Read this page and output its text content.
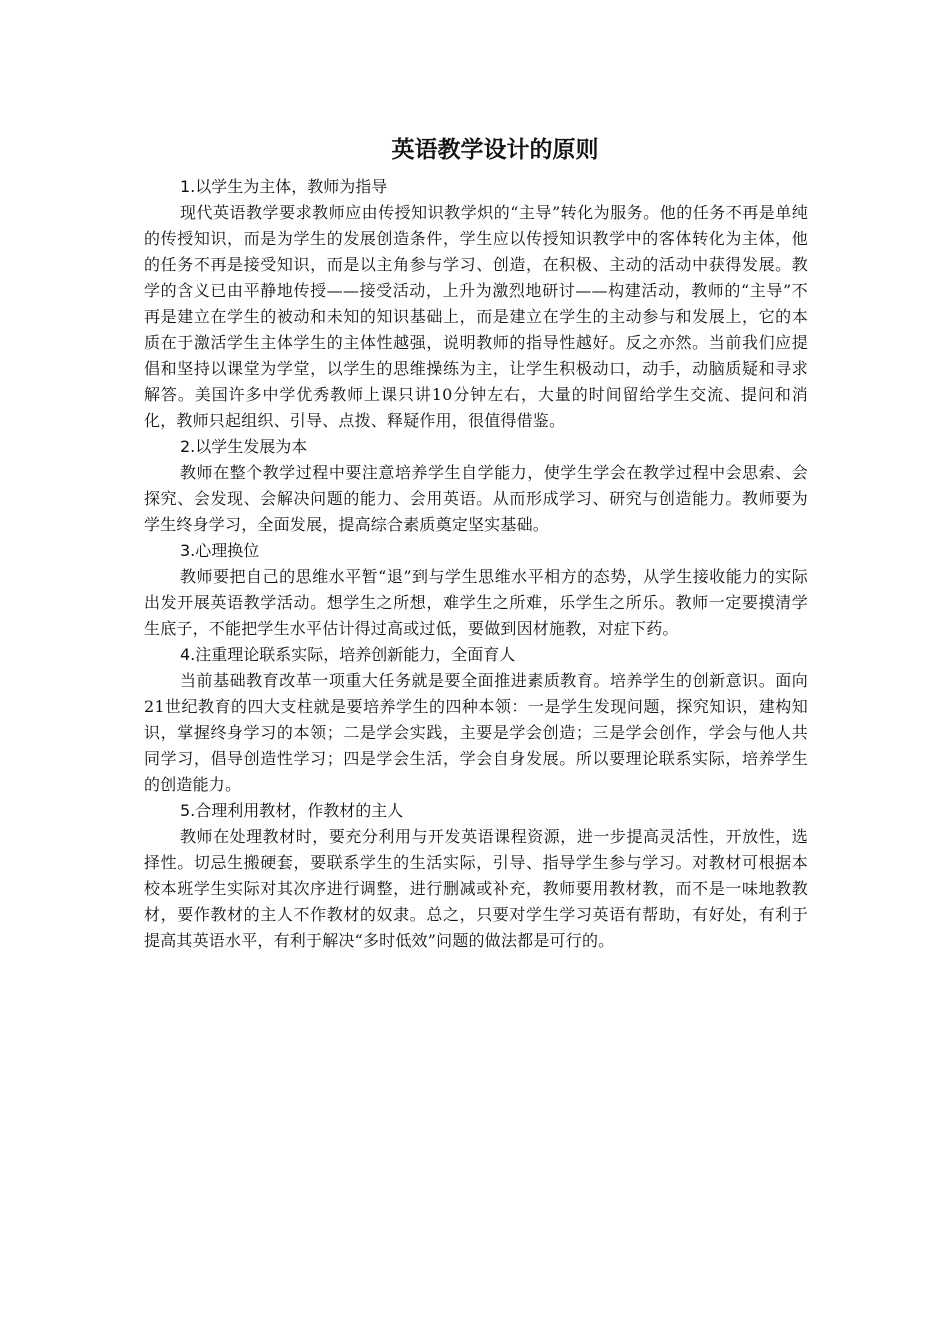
英语教学设计的原则
1.以学生为主体，教师为指导

现代英语教学要求教师应由传授知识教学炽的“主导”转化为服务。他的任务不再是单纯的传授知识，而是为学生的发展创造条件，学生应以传授知识教学中的客体转化为主体，他的任务不再是接受知识，而是以主角参与学习、创造，在积极、主动的活动中获得发展。教学的含义已由平静地传授——接受活动，上升为激烈地研讨——构建活动，教师的“主导”不再是建立在学生的被动和未知的知识基础上，而是建立在学生的主动参与和发展上，它的本质在于激活学生主体学生的主体性越强，说明教师的指导性越好。反之亦然。当前我们应提倡和坚持以课堂为学堂，以学生的思维操练为主，让学生积极动口，动手，动脑质疑和寻求解答。美国许多中学优秀教师上课只讲10分钟左右，大量的时间留给学生交流、提问和消化，教师只起组织、引导、点拨、释疑作用，很值得借鉴。

2.以学生发展为本

教师在整个教学过程中要注意培养学生自学能力，使学生学会在教学过程中会思索、会探究、会发现、会解决问题的能力、会用英语。从而形成学习、研究与创造能力。教师要为学生终身学习，全面发展，提高综合素质奠定坚实基础。

3.心理换位

教师要把自己的思维水平暂“退”到与学生思维水平相方的态势，从学生接收能力的实际出发开展英语教学活动。想学生之所想，难学生之所难，乐学生之所乐。教师一定要摸清学生底子，不能把学生水平估计得过高或过低，要做到因材施教，对症下药。

4.注重理论联系实际，培养创新能力，全面育人

当前基础教育改革一项重大任务就是要全面推进素质教育。培养学生的创新意识。面向21世纪教育的四大支柱就是要培养学生的四种本领：一是学生发现问题，探究知识，建构知识，掌握终身学习的本领；二是学会实践，主要是学会创造；三是学会创作，学会与他人共同学习，倡导创造性学习；四是学会生活，学会自身发展。所以要理论联系实际，培养学生的创造能力。

5.合理利用教材，作教材的主人

教师在处理教材时，要充分利用与开发英语课程资源，进一步提高灵活性，开放性，选择性。切忌生搬硬套，要联系学生的生活实际，引导、指导学生参与学习。对教材可根据本校本班学生实际对其次序进行调整，进行删减或补充，教师要用教材教，而不是一味地教教材，要作教材的主人不作教材的奴隶。总之，只要对学生学习英语有帮助，有好处，有利于提高其英语水平，有利于解决“多时低效”问题的做法都是可行的。
